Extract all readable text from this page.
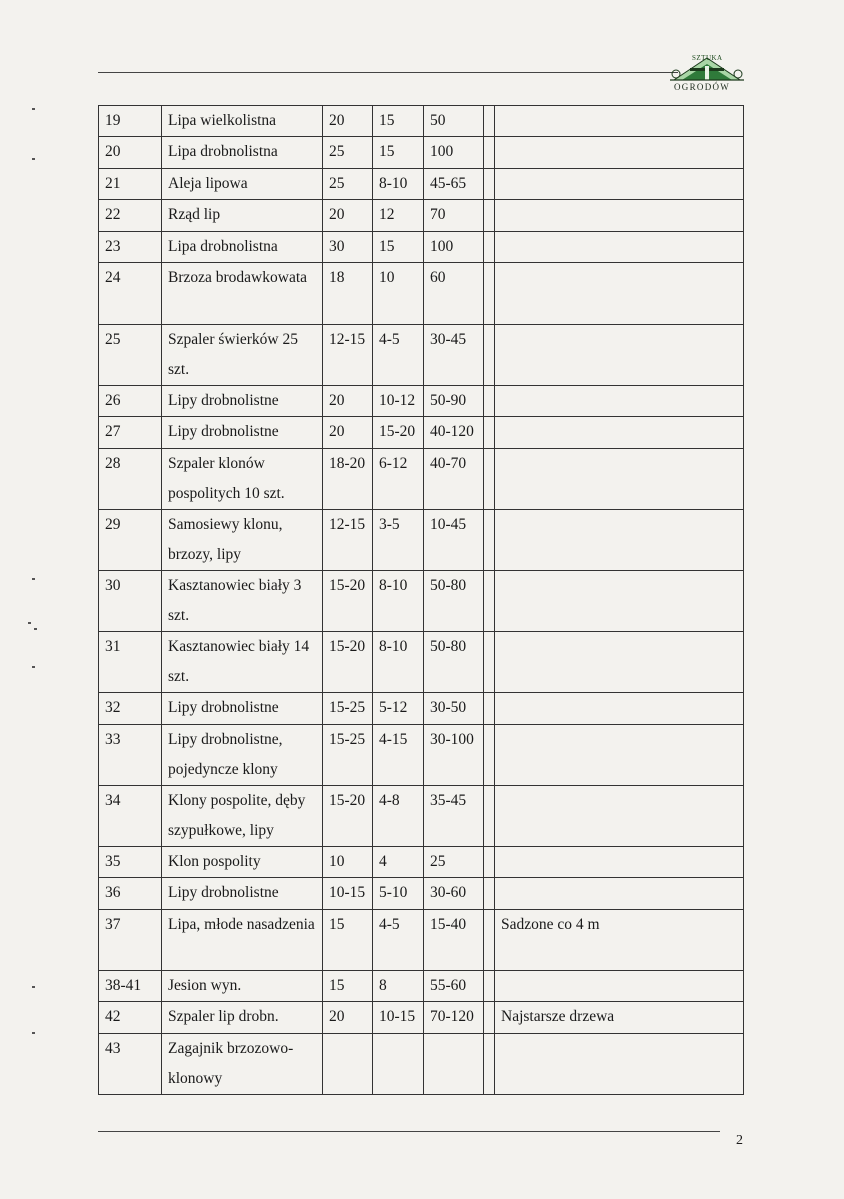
SZTUKA
OGRODÓW
19	Lipa wielkolistna	20	15	50		
20	Lipa drobnolistna	25	15	100		
21	Aleja lipowa	25	8-10	45-65		
22	Rząd lip	20	12	70		
23	Lipa drobnolistna	30	15	100		
24	Brzoza brodawkowata	18	10	60		
25	Szpaler świerków 25 szt.	12-15	4-5	30-45		
26	Lipy drobnolistne	20	10-12	50-90		
27	Lipy drobnolistne	20	15-20	40-120		
28	Szpaler klonów pospolitych 10 szt.	18-20	6-12	40-70		
29	Samosiewy klonu, brzozy, lipy	12-15	3-5	10-45		
30	Kasztanowiec biały 3 szt.	15-20	8-10	50-80		
31	Kasztanowiec biały 14 szt.	15-20	8-10	50-80		
32	Lipy drobnolistne	15-25	5-12	30-50		
33	Lipy drobnolistne, pojedyncze klony	15-25	4-15	30-100		
34	Klony pospolite, dęby szypułkowe, lipy	15-20	4-8	35-45		
35	Klon pospolity	10	4	25		
36	Lipy drobnolistne	10-15	5-10	30-60		
37	Lipa, młode nasadzenia	15	4-5	15-40		Sadzone co 4 m
38-41	Jesion wyn.	15	8	55-60		
42	Szpaler lip drobn.	20	10-15	70-120		Najstarsze drzewa
43	Zagajnik brzozowo-klonowy					
2
